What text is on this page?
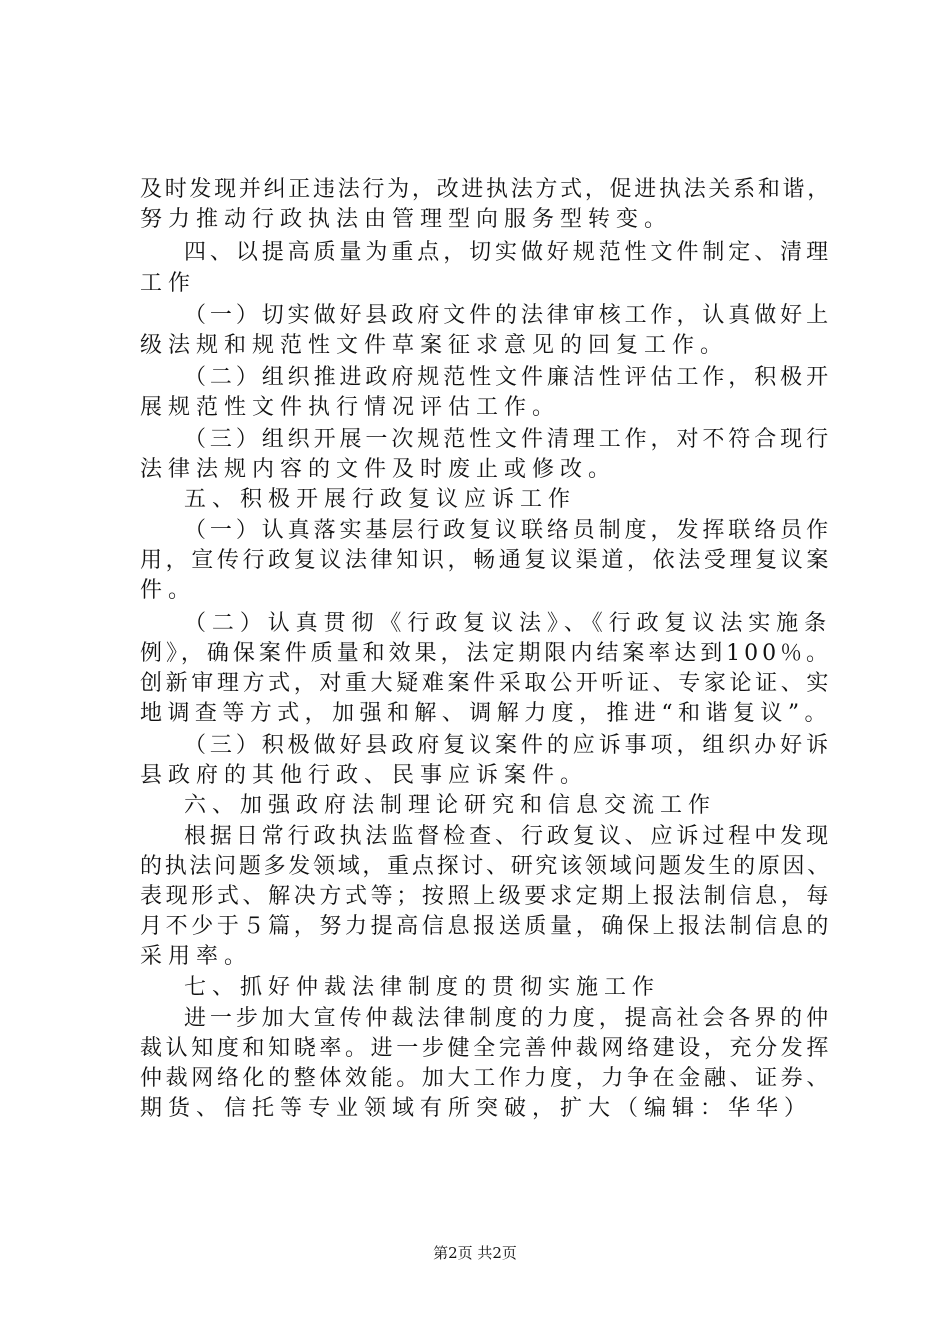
及时发现并纠正违法行为，改进执法方式，促进执法关系和谐，
努力推动行政执法由管理型向服务型转变。
四、以提高质量为重点，切实做好规范性文件制定、清理
工作
（一）切实做好县政府文件的法律审核工作，认真做好上
级法规和规范性文件草案征求意见的回复工作。
（二）组织推进政府规范性文件廉洁性评估工作，积极开
展规范性文件执行情况评估工作。
（三）组织开展一次规范性文件清理工作，对不符合现行
法律法规内容的文件及时废止或修改。
五、积极开展行政复议应诉工作
（一）认真落实基层行政复议联络员制度，发挥联络员作
用，宣传行政复议法律知识，畅通复议渠道，依法受理复议案
件。
（二）认真贯彻《行政复议法》、《行政复议法实施条
例》，确保案件质量和效果，法定期限内结案率达到100％。
创新审理方式，对重大疑难案件采取公开听证、专家论证、实
地调查等方式，加强和解、调解力度，推进“和谐复议”。
（三）积极做好县政府复议案件的应诉事项，组织办好诉
县政府的其他行政、民事应诉案件。
六、加强政府法制理论研究和信息交流工作
根据日常行政执法监督检查、行政复议、应诉过程中发现
的执法问题多发领域，重点探讨、研究该领域问题发生的原因、
表现形式、解决方式等；按照上级要求定期上报法制信息，每
月不少于５篇，努力提高信息报送质量，确保上报法制信息的
采用率。
七、抓好仲裁法律制度的贯彻实施工作
进一步加大宣传仲裁法律制度的力度，提高社会各界的仲
裁认知度和知晓率。进一步健全完善仲裁网络建设，充分发挥
仲裁网络化的整体效能。加大工作力度，力争在金融、证券、
期货、信托等专业领域有所突破，扩大（编辑：华华）
第2页 共2页
